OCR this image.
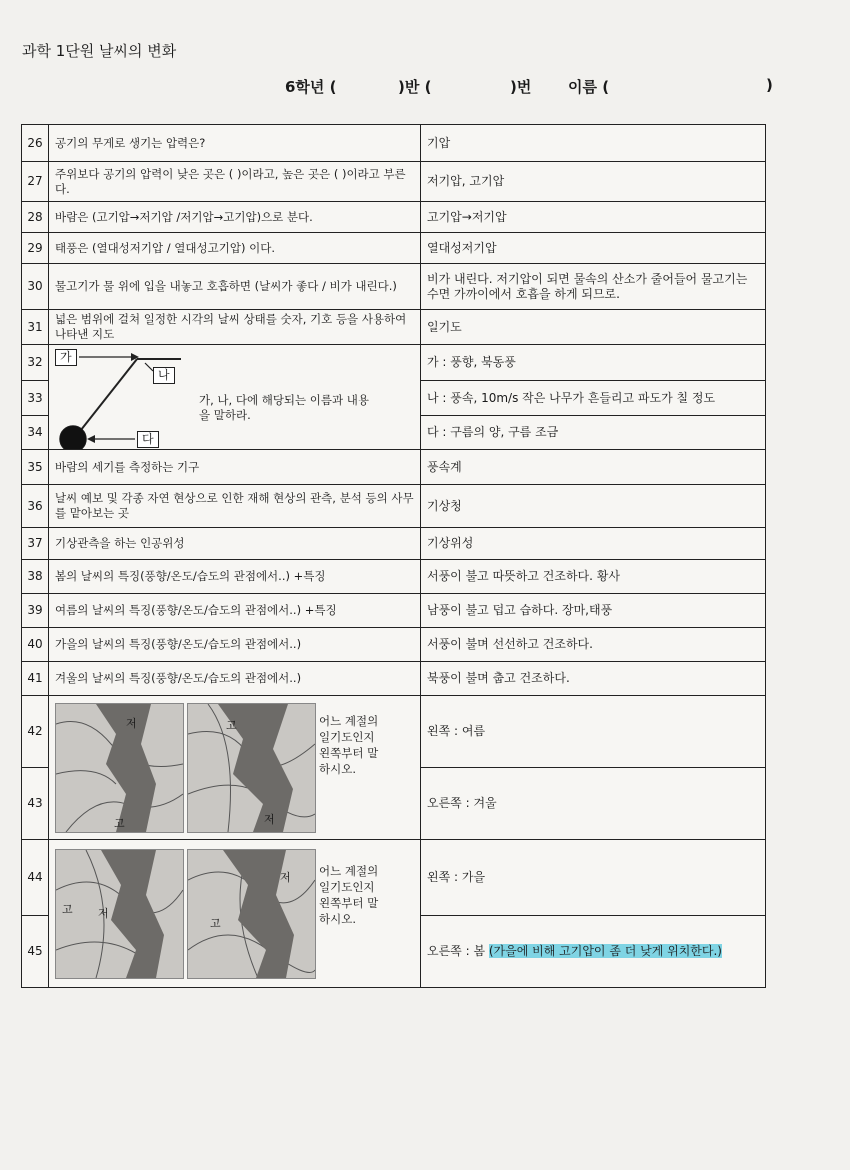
과학 1단원 날씨의 변화
6학년 (	)반 (	)번 이름 (	)
26	공기의 무게로 생기는 압력은?	기압
27	주위보다 공기의 압력이 낮은 곳은 ( )이라고, 높은 곳은 ( )이라고 부른다.	저기압, 고기압
28	바람은 (고기압→저기압 /저기압→고기압)으로 분다.	고기압→저기압
29	태풍은 (열대성저기압 / 열대성고기압) 이다.	열대성저기압
30	물고기가 물 위에 입을 내놓고 호흡하면 (날씨가 좋다 / 비가 내린다.)	비가 내린다. 저기압이 되면 물속의 산소가 줄어들어 물고기는 수면 가까이에서 호흡을 하게 되므로.
31	넓은 범위에 걸쳐 일정한 시각의 날씨 상태를 숫자, 기호 등을 사용하여 나타낸 지도	일기도
32	가
나
다
가, 나, 다에 해당되는 이름과 내용을 말하라.	가 : 풍향, 북동풍
33		나 : 풍속, 10m/s 작은 나무가 흔들리고 파도가 칠 정도
34		다 : 구름의 양, 구름 조금
35	바람의 세기를 측정하는 기구	풍속계
36	날씨 예보 및 각종 자연 현상으로 인한 재해 현상의 관측, 분석 등의 사무를 맡아보는 곳	기상청
37	기상관측을 하는 인공위성	기상위성
38	봄의 날씨의 특징(풍향/온도/습도의 관점에서..) +특징	서풍이 불고 따뜻하고 건조하다. 황사
39	여름의 날씨의 특징(풍향/온도/습도의 관점에서..) +특징	남풍이 불고 덥고 습하다. 장마,태풍
40	가을의 날씨의 특징(풍향/온도/습도의 관점에서..)	서풍이 불며 선선하고 건조하다.
41	겨울의 날씨의 특징(풍향/온도/습도의 관점에서..)	북풍이 불며 춥고 건조하다.
42	저
고
고
저
어느 계절의 일기도인지 왼쪽부터 말하시오.	왼쪽 : 여름
43		오른쪽 : 겨울
44	고 저
저
고
어느 계절의 일기도인지 왼쪽부터 말하시오.	왼쪽 : 가을
45		오른쪽 : 봄 (가을에 비해 고기압이 좀 더 낮게 위치한다.)
